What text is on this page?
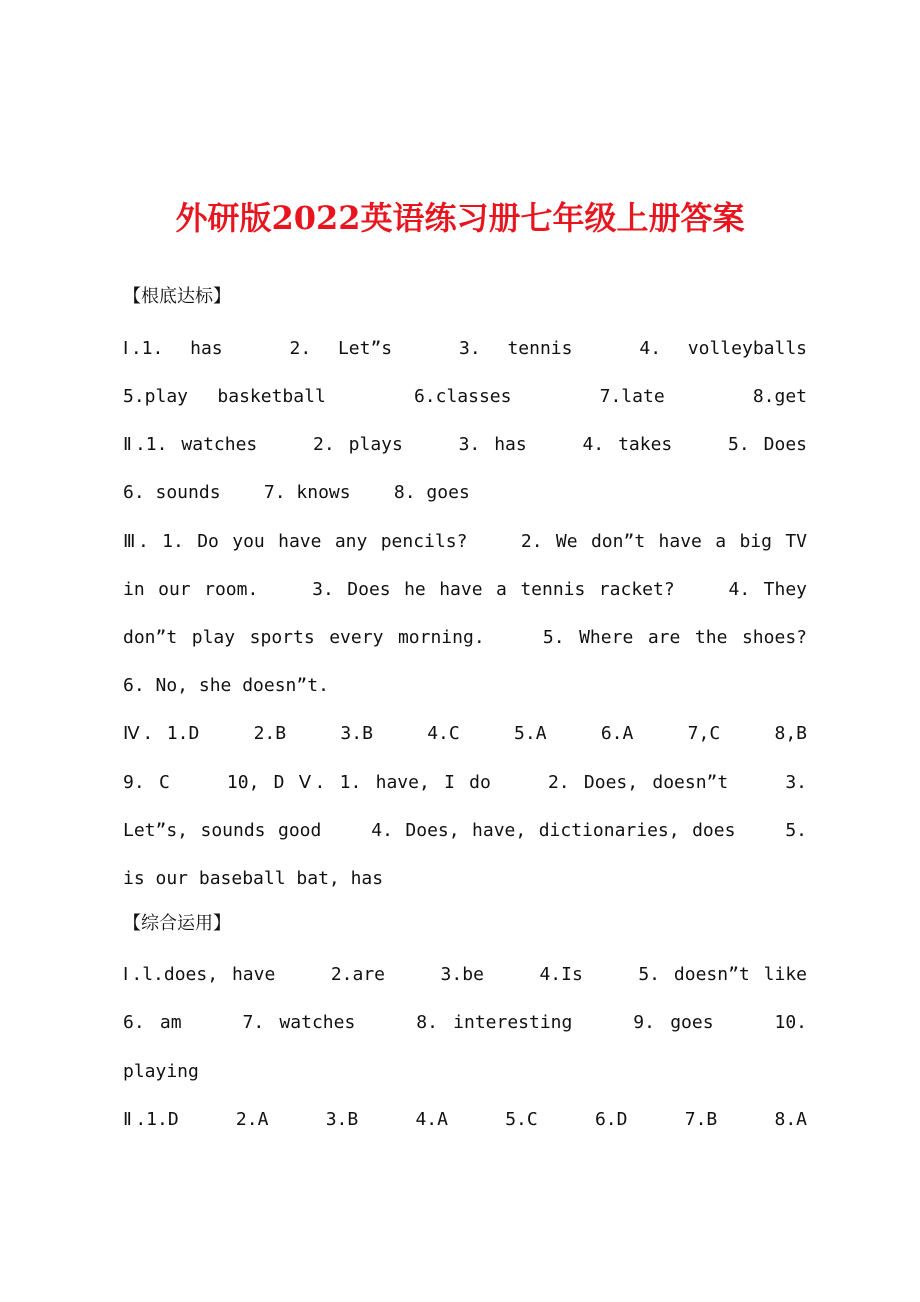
外研版2022英语练习册七年级上册答案

【根底达标】

Ⅰ.1.  has     2.  Let”s     3.  tennis     4.  volleyballs

5.play basketball   6.classes   7.late   8.get

Ⅱ.1. watches    2. plays    3. has    4. takes    5. Does

6. sounds    7. knows    8. goes

Ⅲ. 1. Do you have any pencils?    2. We don”t have a big TV

in our room.    3. Does he have a tennis racket?    4. They

don”t play sports every morning.    5. Where are the shoes?

6. No, she doesn”t.

Ⅳ. 1.D    2.B    3.B    4.C    5.A    6.A    7,C    8,B

9. C    10, D Ⅴ. 1. have, I do    2. Does, doesn”t    3.

Let”s, sounds good    4. Does, have, dictionaries, does    5.

is our baseball bat, has

【综合运用】

Ⅰ.l.does, have    2.are    3.be    4.Is    5. doesn”t like

6. am    7. watches    8. interesting    9. goes    10.

playing

Ⅱ.1.D    2.A    3.B    4.A    5.C    6.D    7.B    8.A
